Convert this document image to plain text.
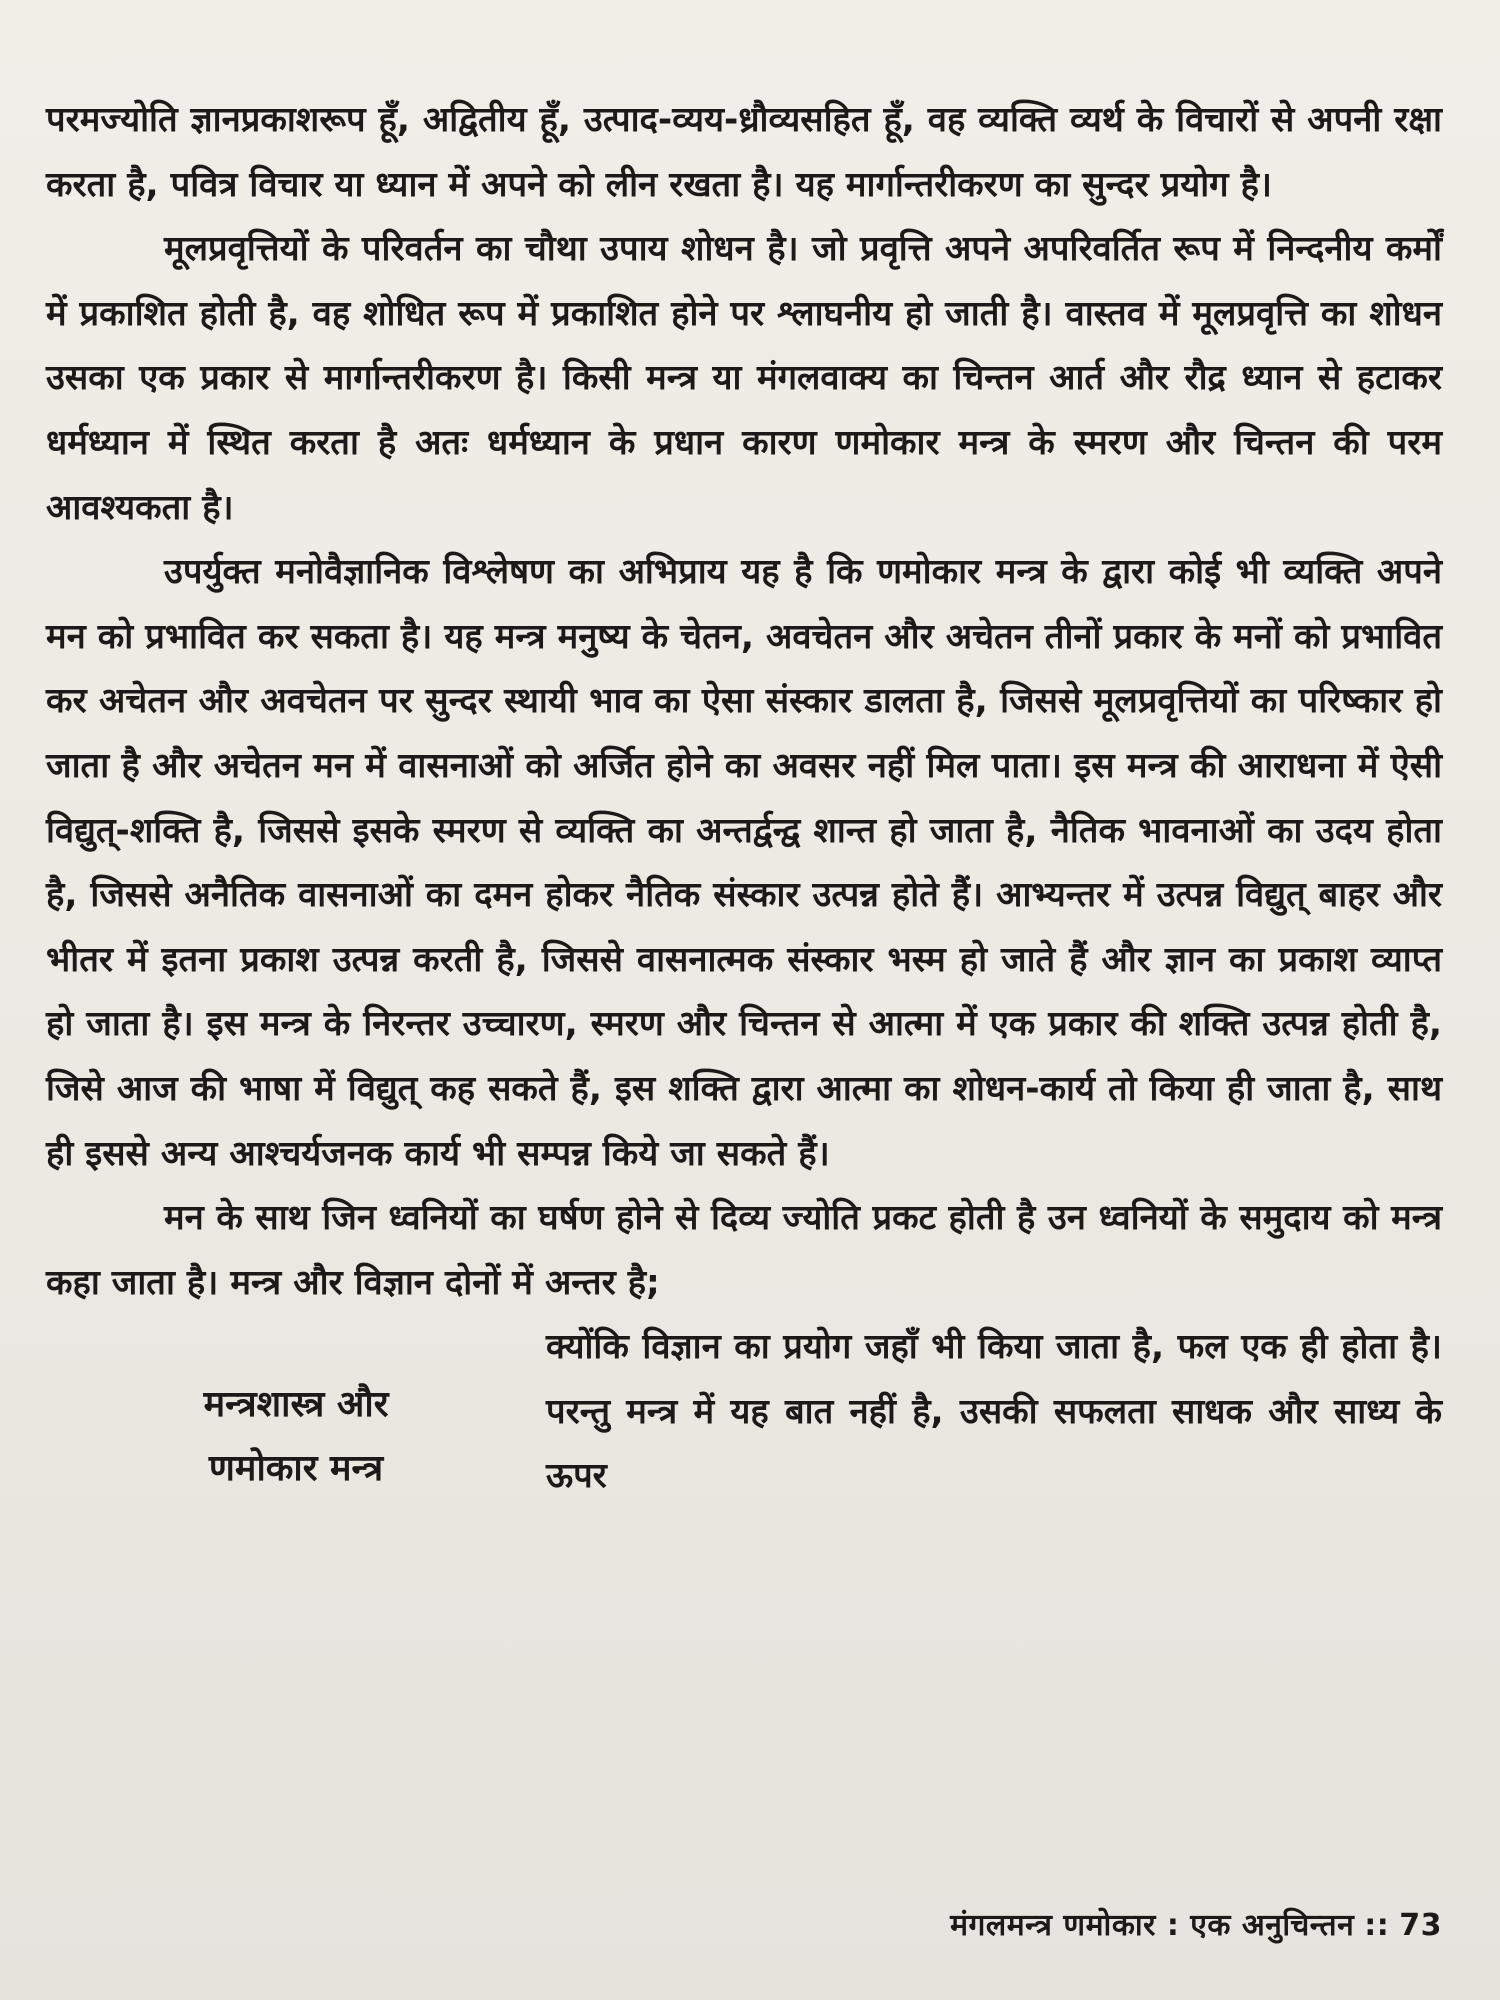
परमज्योति ज्ञानप्रकाशरूप हूँ, अद्वितीय हूँ, उत्पाद-व्यय-ध्रौव्यसहित हूँ, वह व्यक्ति व्यर्थ के विचारों से अपनी रक्षा करता है, पवित्र विचार या ध्यान में अपने को लीन रखता है। यह मार्गान्तरीकरण का सुन्दर प्रयोग है।

मूलप्रवृत्तियों के परिवर्तन का चौथा उपाय शोधन है। जो प्रवृत्ति अपने अपरिवर्तित रूप में निन्दनीय कर्मों में प्रकाशित होती है, वह शोधित रूप में प्रकाशित होने पर श्लाघनीय हो जाती है। वास्तव में मूलप्रवृत्ति का शोधन उसका एक प्रकार से मार्गान्तरीकरण है। किसी मन्त्र या मंगलवाक्य का चिन्तन आर्त और रौद्र ध्यान से हटाकर धर्मध्यान में स्थित करता है अतः धर्मध्यान के प्रधान कारण णमोकार मन्त्र के स्मरण और चिन्तन की परम आवश्यकता है।

उपर्युक्त मनोवैज्ञानिक विश्लेषण का अभिप्राय यह है कि णमोकार मन्त्र के द्वारा कोई भी व्यक्ति अपने मन को प्रभावित कर सकता है। यह मन्त्र मनुष्य के चेतन, अवचेतन और अचेतन तीनों प्रकार के मनों को प्रभावित कर अचेतन और अवचेतन पर सुन्दर स्थायी भाव का ऐसा संस्कार डालता है, जिससे मूलप्रवृत्तियों का परिष्कार हो जाता है और अचेतन मन में वासनाओं को अर्जित होने का अवसर नहीं मिल पाता। इस मन्त्र की आराधना में ऐसी विद्युत्-शक्ति है, जिससे इसके स्मरण से व्यक्ति का अन्तर्द्वन्द्व शान्त हो जाता है, नैतिक भावनाओं का उदय होता है, जिससे अनैतिक वासनाओं का दमन होकर नैतिक संस्कार उत्पन्न होते हैं। आभ्यन्तर में उत्पन्न विद्युत् बाहर और भीतर में इतना प्रकाश उत्पन्न करती है, जिससे वासनात्मक संस्कार भस्म हो जाते हैं और ज्ञान का प्रकाश व्याप्त हो जाता है। इस मन्त्र के निरन्तर उच्चारण, स्मरण और चिन्तन से आत्मा में एक प्रकार की शक्ति उत्पन्न होती है, जिसे आज की भाषा में विद्युत् कह सकते हैं, इस शक्ति द्वारा आत्मा का शोधन-कार्य तो किया ही जाता है, साथ ही इससे अन्य आश्चर्यजनक कार्य भी सम्पन्न किये जा सकते हैं।

मन के साथ जिन ध्वनियों का घर्षण होने से दिव्य ज्योति प्रकट होती है उन ध्वनियों के समुदाय को मन्त्र कहा जाता है। मन्त्र और विज्ञान दोनों में अन्तर है;

मन्त्रशास्त्र और
णमोकार मन्त्र

क्योंकि विज्ञान का प्रयोग जहाँ भी किया जाता है, फल एक ही होता है। परन्तु मन्त्र में यह बात नहीं है, उसकी सफलता साधक और साध्य के ऊपर

मंगलमन्त्र णमोकार : एक अनुचिन्तन :: 73
